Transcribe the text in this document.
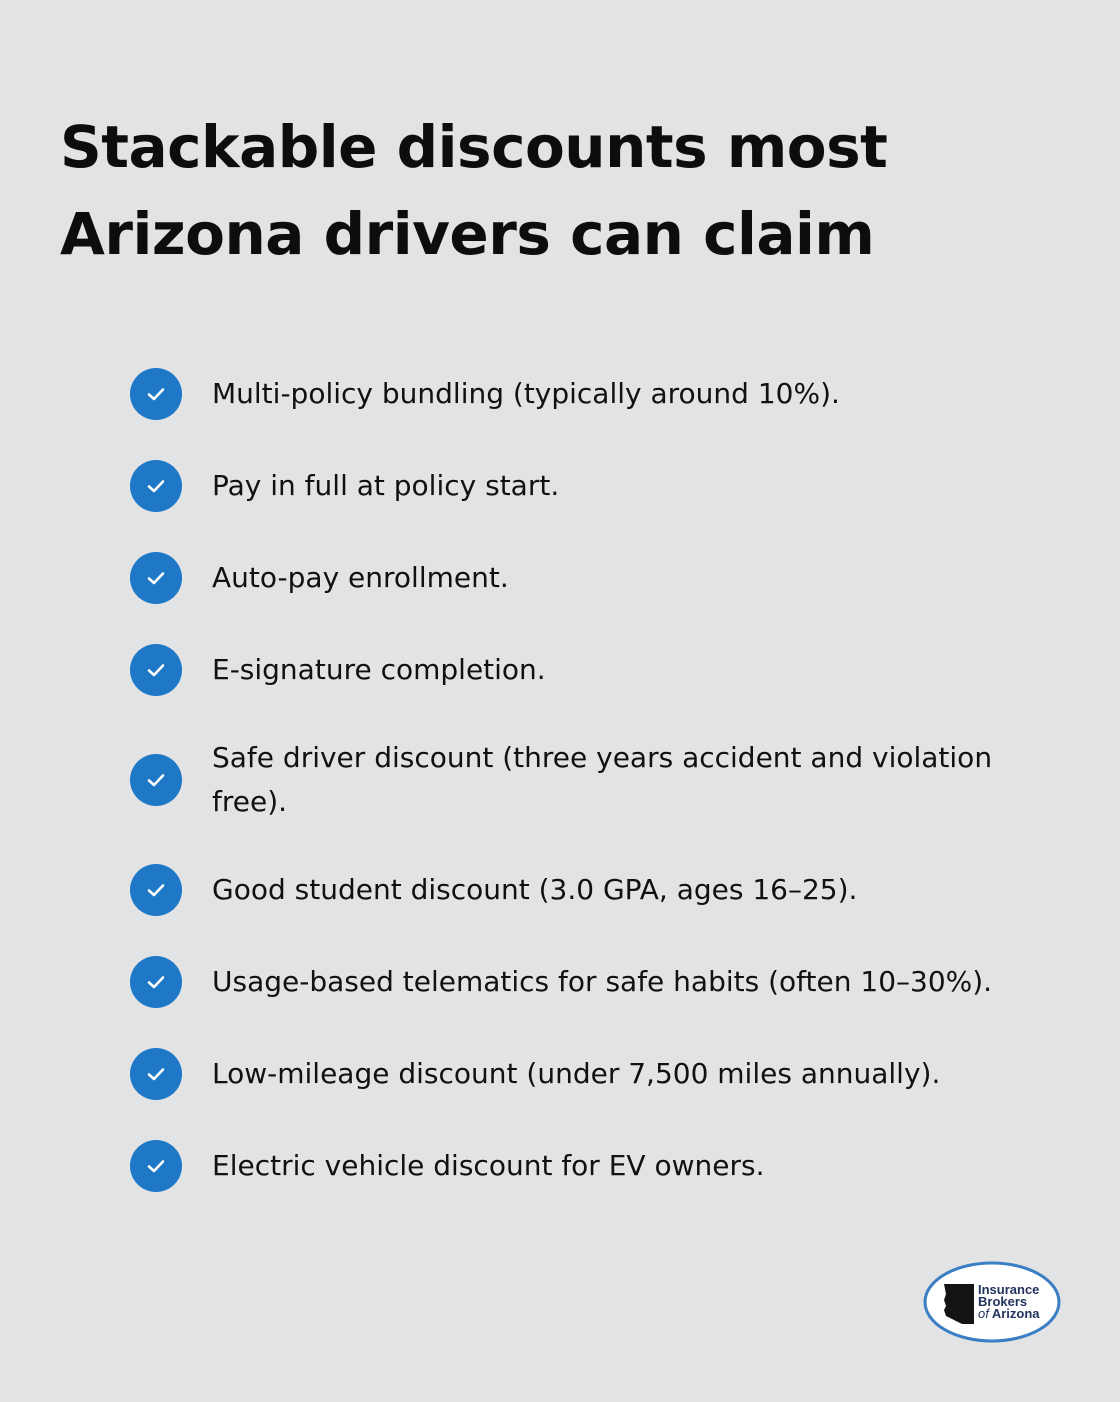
Stackable discounts most
Arizona drivers can claim
Multi-policy bundling (typically around 10%).
Pay in full at policy start.
Auto-pay enrollment.
E-signature completion.
Safe driver discount (three years accident and violation free).
Good student discount (3.0 GPA, ages 16–25).
Usage-based telematics for safe habits (often 10–30%).
Low-mileage discount (under 7,500 miles annually).
Electric vehicle discount for EV owners.
Insurance
Brokers
of Arizona
